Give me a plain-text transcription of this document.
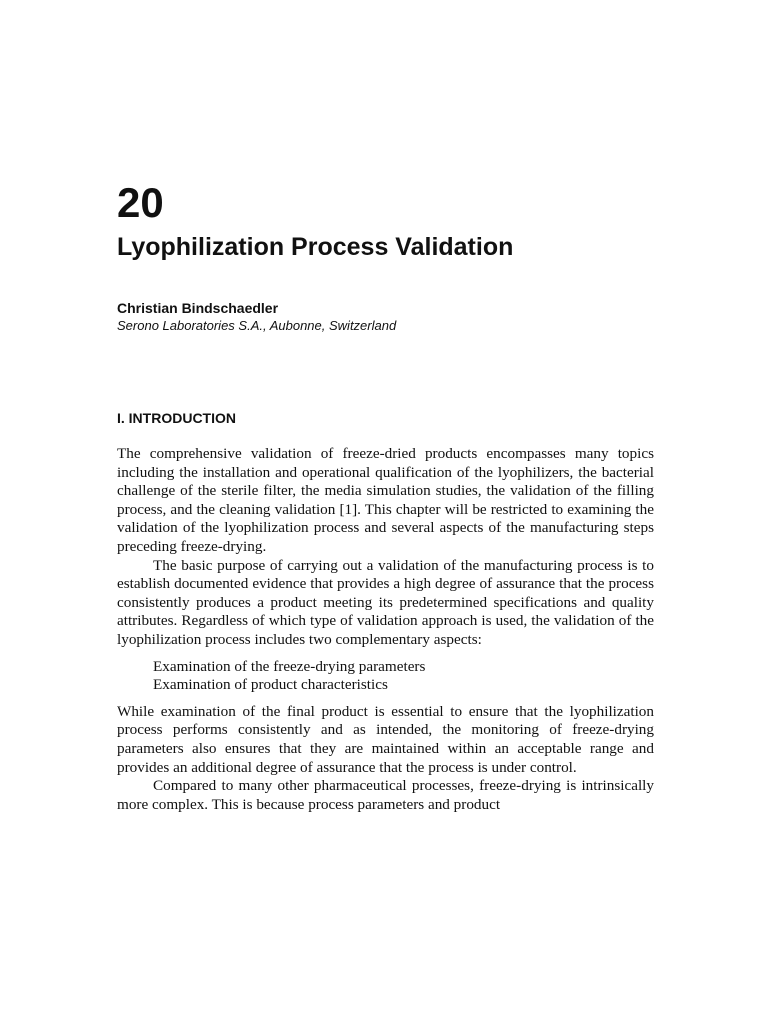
20
Lyophilization Process Validation
Christian Bindschaedler
Serono Laboratories S.A., Aubonne, Switzerland
I. INTRODUCTION

The comprehensive validation of freeze-dried products encompasses many topics including the installation and operational qualification of the lyophilizers, the bacterial challenge of the sterile filter, the media simulation studies, the validation of the filling process, and the cleaning validation [1]. This chapter will be restricted to examining the validation of the lyophilization process and several aspects of the manufacturing steps preceding freeze-drying.

The basic purpose of carrying out a validation of the manufacturing process is to establish documented evidence that provides a high degree of assurance that the process consistently produces a product meeting its predetermined specifications and quality attributes. Regardless of which type of validation approach is used, the validation of the lyophilization process includes two complementary aspects:

Examination of the freeze-drying parameters
Examination of product characteristics

While examination of the final product is essential to ensure that the lyophilization process performs consistently and as intended, the monitoring of freeze-drying parameters also ensures that they are maintained within an acceptable range and provides an additional degree of assurance that the process is under control.

Compared to many other pharmaceutical processes, freeze-drying is intrinsically more complex. This is because process parameters and product
